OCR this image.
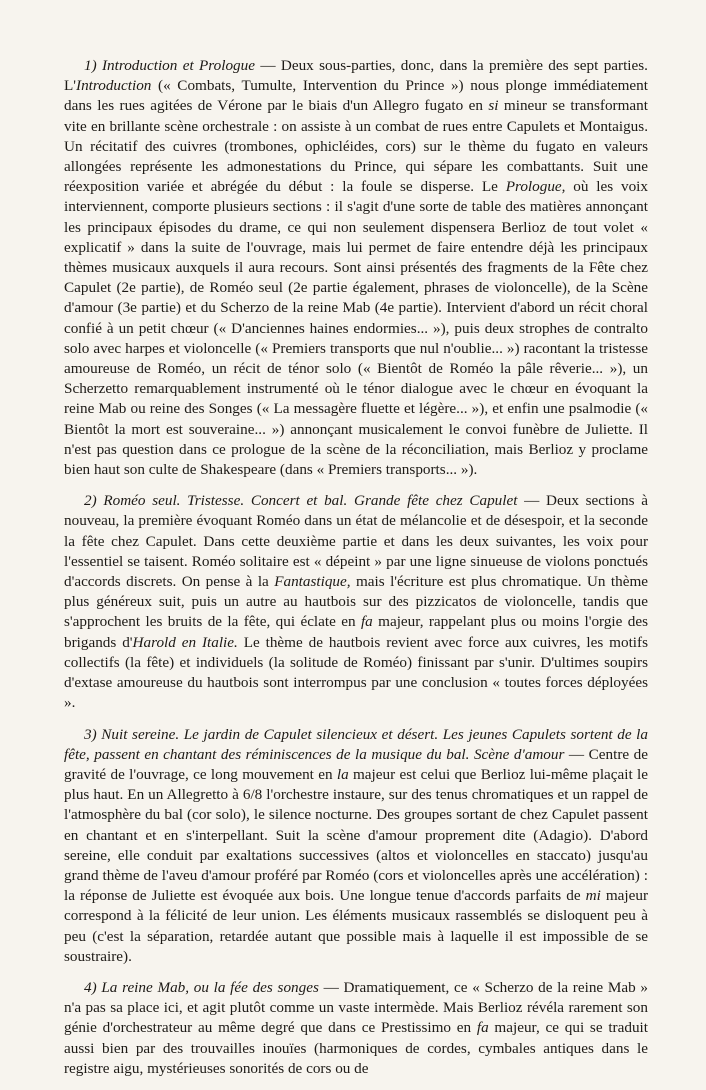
1) Introduction et Prologue — Deux sous-parties, donc, dans la première des sept parties. L'Introduction (« Combats, Tumulte, Intervention du Prince ») nous plonge immédiatement dans les rues agitées de Vérone par le biais d'un Allegro fugato en si mineur se transformant vite en brillante scène orchestrale : on assiste à un combat de rues entre Capulets et Montaigus. Un récitatif des cuivres (trombones, ophicléides, cors) sur le thème du fugato en valeurs allongées représente les admonestations du Prince, qui sépare les combattants. Suit une réexposition variée et abrégée du début : la foule se disperse. Le Prologue, où les voix interviennent, comporte plusieurs sections : il s'agit d'une sorte de table des matières annonçant les principaux épisodes du drame, ce qui non seulement dispensera Berlioz de tout volet « explicatif » dans la suite de l'ouvrage, mais lui permet de faire entendre déjà les principaux thèmes musicaux auxquels il aura recours. Sont ainsi présentés des fragments de la Fête chez Capulet (2e partie), de Roméo seul (2e partie également, phrases de violoncelle), de la Scène d'amour (3e partie) et du Scherzo de la reine Mab (4e partie). Intervient d'abord un récit choral confié à un petit chœur (« D'anciennes haines endormies... »), puis deux strophes de contralto solo avec harpes et violoncelle (« Premiers transports que nul n'oublie... ») racontant la tristesse amoureuse de Roméo, un récit de ténor solo (« Bientôt de Roméo la pâle rêverie... »), un Scherzetto remarquablement instrumenté où le ténor dialogue avec le chœur en évoquant la reine Mab ou reine des Songes (« La messagère fluette et légère... »), et enfin une psalmodie (« Bientôt la mort est souveraine... ») annonçant musicalement le convoi funèbre de Juliette. Il n'est pas question dans ce prologue de la scène de la réconciliation, mais Berlioz y proclame bien haut son culte de Shakespeare (dans « Premiers transports... »).

2) Roméo seul. Tristesse. Concert et bal. Grande fête chez Capulet — Deux sections à nouveau, la première évoquant Roméo dans un état de mélancolie et de désespoir, et la seconde la fête chez Capulet. Dans cette deuxième partie et dans les deux suivantes, les voix pour l'essentiel se taisent. Roméo solitaire est « dépeint » par une ligne sinueuse de violons ponctués d'accords discrets. On pense à la Fantastique, mais l'écriture est plus chromatique. Un thème plus généreux suit, puis un autre au hautbois sur des pizzicatos de violoncelle, tandis que s'approchent les bruits de la fête, qui éclate en fa majeur, rappelant plus ou moins l'orgie des brigands d'Harold en Italie. Le thème de hautbois revient avec force aux cuivres, les motifs collectifs (la fête) et individuels (la solitude de Roméo) finissant par s'unir. D'ultimes soupirs d'extase amoureuse du hautbois sont interrompus par une conclusion « toutes forces déployées ».

3) Nuit sereine. Le jardin de Capulet silencieux et désert. Les jeunes Capulets sortent de la fête, passent en chantant des réminiscences de la musique du bal. Scène d'amour — Centre de gravité de l'ouvrage, ce long mouvement en la majeur est celui que Berlioz lui-même plaçait le plus haut. En un Allegretto à 6/8 l'orchestre instaure, sur des tenus chromatiques et un rappel de l'atmosphère du bal (cor solo), le silence nocturne. Des groupes sortant de chez Capulet passent en chantant et en s'interpellant. Suit la scène d'amour proprement dite (Adagio). D'abord sereine, elle conduit par exaltations successives (altos et violoncelles en staccato) jusqu'au grand thème de l'aveu d'amour proféré par Roméo (cors et violoncelles après une accélération) : la réponse de Juliette est évoquée aux bois. Une longue tenue d'accords parfaits de mi majeur correspond à la félicité de leur union. Les éléments musicaux rassemblés se disloquent peu à peu (c'est la séparation, retardée autant que possible mais à laquelle il est impossible de se soustraire).

4) La reine Mab, ou la fée des songes — Dramatiquement, ce « Scherzo de la reine Mab » n'a pas sa place ici, et agit plutôt comme un vaste intermède. Mais Berlioz révéla rarement son génie d'orchestrateur au même degré que dans ce Prestissimo en fa majeur, ce qui se traduit aussi bien par des trouvailles inouïes (harmoniques de cordes, cymbales antiques dans le registre aigu, mystérieuses sonorités de cors ou de
